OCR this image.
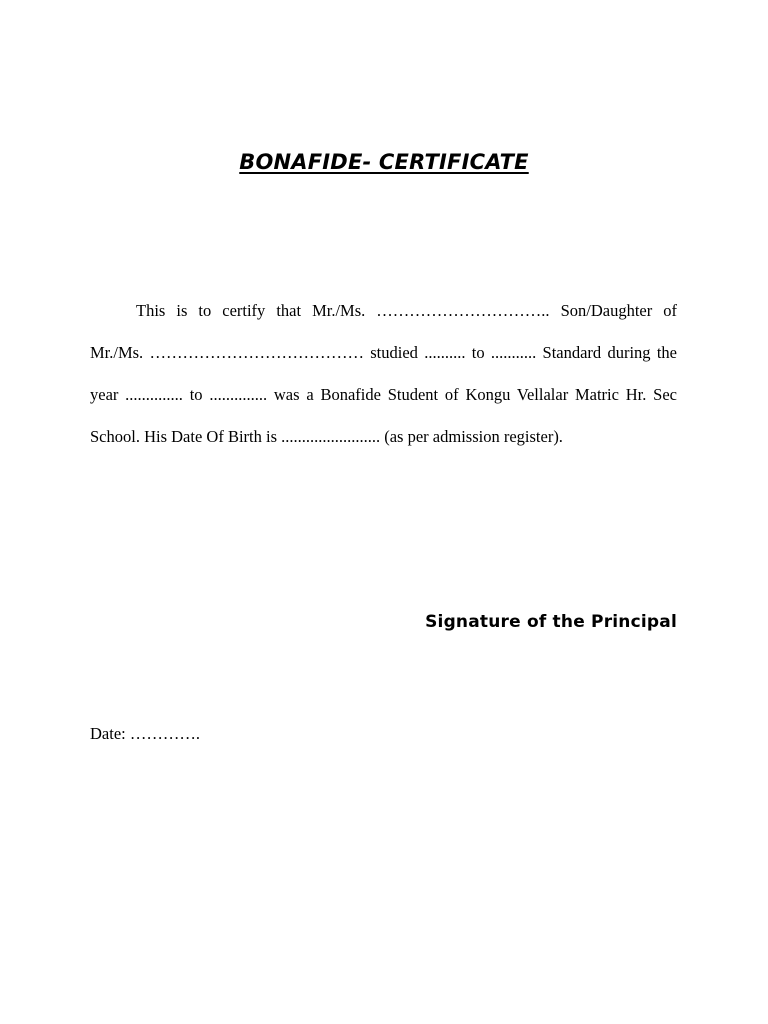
BONAFIDE- CERTIFICATE

This is to certify that Mr./Ms. ………………………….. Son/Daughter of Mr./Ms. ………………………………… studied .......... to ........... Standard during the year .............. to .............. was a Bonafide Student of Kongu Vellalar Matric Hr. Sec School. His Date Of Birth is ........................ (as per admission register).

Signature of the Principal

Date: ………….
